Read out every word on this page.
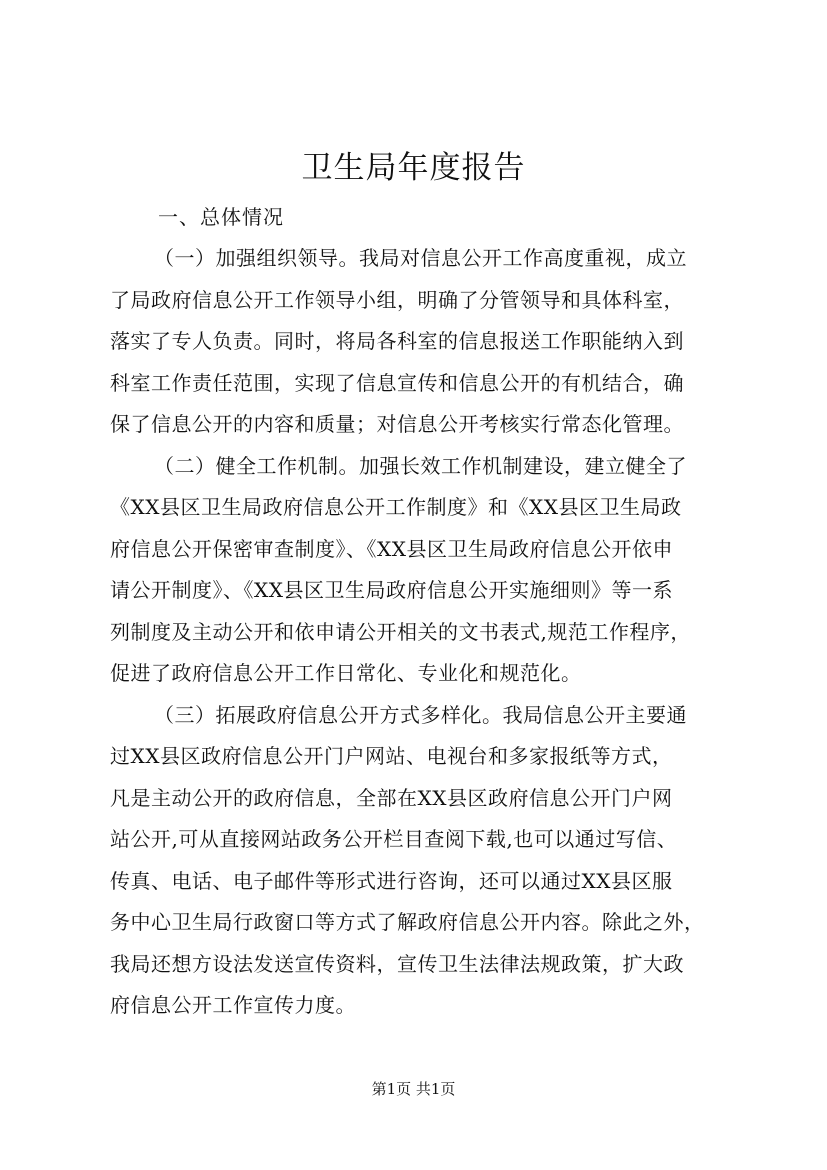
卫生局年度报告

一、总体情况

（一）加强组织领导。我局对信息公开工作高度重视，成立
了局政府信息公开工作领导小组，明确了分管领导和具体科室，
落实了专人负责。同时，将局各科室的信息报送工作职能纳入到
科室工作责任范围，实现了信息宣传和信息公开的有机结合，确
保了信息公开的内容和质量；对信息公开考核实行常态化管理。

（二）健全工作机制。加强长效工作机制建设，建立健全了
《XX县区卫生局政府信息公开工作制度》和《XX县区卫生局政
府信息公开保密审查制度》、《XX县区卫生局政府信息公开依申
请公开制度》、《XX县区卫生局政府信息公开实施细则》等一系
列制度及主动公开和依申请公开相关的文书表式,规范工作程序，
促进了政府信息公开工作日常化、专业化和规范化。

（三）拓展政府信息公开方式多样化。我局信息公开主要通
过XX县区政府信息公开门户网站、电视台和多家报纸等方式，
凡是主动公开的政府信息，全部在XX县区政府信息公开门户网
站公开,可从直接网站政务公开栏目查阅下载,也可以通过写信、
传真、电话、电子邮件等形式进行咨询，还可以通过XX县区服
务中心卫生局行政窗口等方式了解政府信息公开内容。除此之外，
我局还想方设法发送宣传资料，宣传卫生法律法规政策，扩大政
府信息公开工作宣传力度。

第1页 共1页
